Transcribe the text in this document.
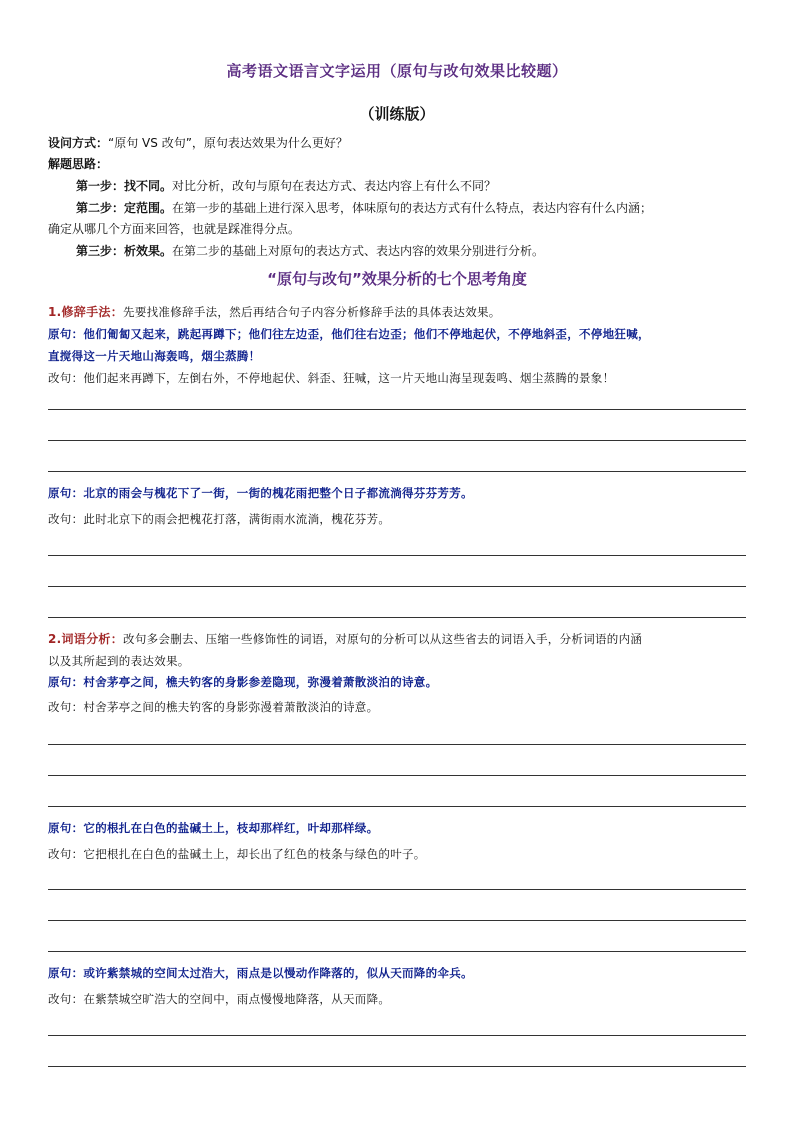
高考语文语言文字运用（原句与改句效果比较题）
（训练版）
设问方式：“原句 VS 改句”，原句表达效果为什么更好？
解题思路：
第一步：找不同。对比分析，改句与原句在表达方式、表达内容上有什么不同？
第二步：定范围。在第一步的基础上进行深入思考，体味原句的表达方式有什么特点，表达内容有什么内涵；
确定从哪几个方面来回答，也就是踩准得分点。
第三步：析效果。在第二步的基础上对原句的表达方式、表达内容的效果分别进行分析。
“原句与改句”效果分析的七个思考角度
1.修辞手法：先要找准修辞手法，然后再结合句子内容分析修辞手法的具体表达效果。
原句：他们匍匐又起来，跳起再蹲下；他们往左边歪，他们往右边歪；他们不停地起伏，不停地斜歪，不停地狂喊，
直搅得这一片天地山海轰鸣，烟尘蒸腾！
改句：他们起来再蹲下，左倒右外，不停地起伏、斜歪、狂喊，这一片天地山海呈现轰鸣、烟尘蒸腾的景象！
原句：北京的雨会与槐花下了一街，一街的槐花雨把整个日子都流淌得芬芬芳芳。
改句：此时北京下的雨会把槐花打落，满街雨水流淌，槐花芬芳。
2.词语分析：改句多会删去、压缩一些修饰性的词语，对原句的分析可以从这些省去的词语入手，分析词语的内涵
以及其所起到的表达效果。
原句：村舍茅亭之间，樵夫钓客的身影参差隐现，弥漫着萧散淡泊的诗意。
改句：村舍茅亭之间的樵夫钓客的身影弥漫着萧散淡泊的诗意。
原句：它的根扎在白色的盐碱土上，枝却那样红，叶却那样绿。
改句：它把根扎在白色的盐碱土上，却长出了红色的枝条与绿色的叶子。
原句：或许紫禁城的空间太过浩大，雨点是以慢动作降落的，似从天而降的伞兵。
改句：在紫禁城空旷浩大的空间中，雨点慢慢地降落，从天而降。
